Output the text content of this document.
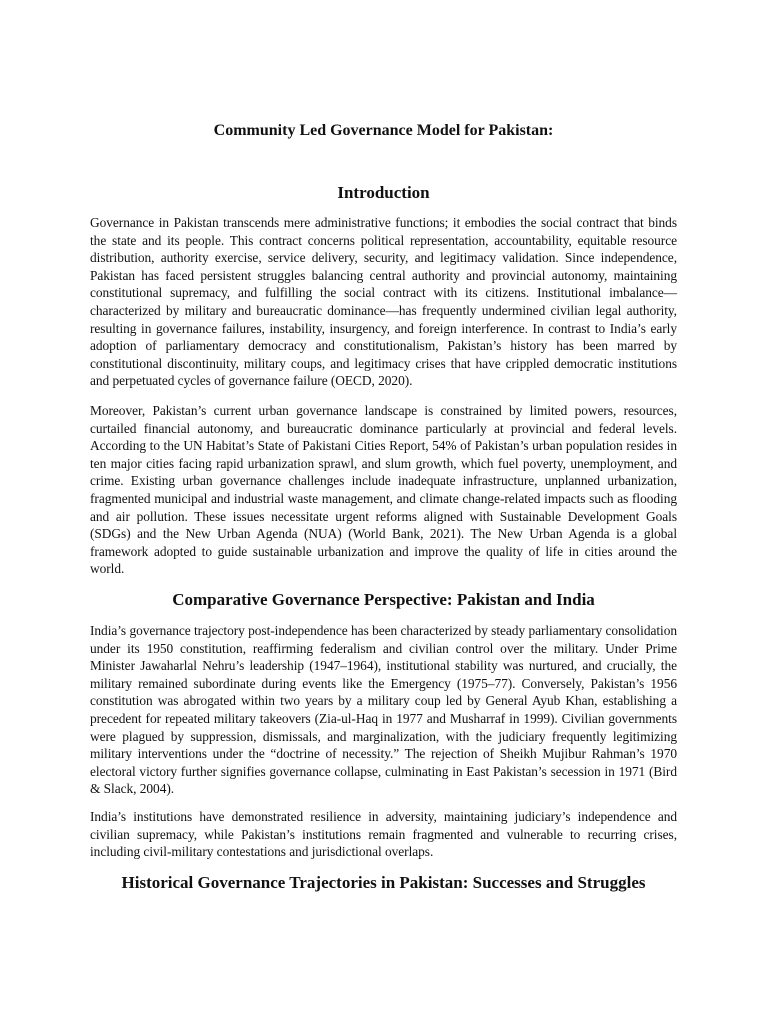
Community Led Governance Model for Pakistan:
Introduction

Governance in Pakistan transcends mere administrative functions; it embodies the social contract that binds the state and its people. This contract concerns political representation, accountability, equitable resource distribution, authority exercise, service delivery, security, and legitimacy validation. Since independence, Pakistan has faced persistent struggles balancing central authority and provincial autonomy, maintaining constitutional supremacy, and fulfilling the social contract with its citizens. Institutional imbalance—characterized by military and bureaucratic dominance—has frequently undermined civilian legal authority, resulting in governance failures, instability, insurgency, and foreign interference. In contrast to India’s early adoption of parliamentary democracy and constitutionalism, Pakistan’s history has been marred by constitutional discontinuity, military coups, and legitimacy crises that have crippled democratic institutions and perpetuated cycles of governance failure (OECD, 2020).

Moreover, Pakistan’s current urban governance landscape is constrained by limited powers, resources, curtailed financial autonomy, and bureaucratic dominance particularly at provincial and federal levels. According to the UN Habitat’s State of Pakistani Cities Report, 54% of Pakistan’s urban population resides in ten major cities facing rapid urbanization sprawl, and slum growth, which fuel poverty, unemployment, and crime. Existing urban governance challenges include inadequate infrastructure, unplanned urbanization, fragmented municipal and industrial waste management, and climate change-related impacts such as flooding and air pollution. These issues necessitate urgent reforms aligned with Sustainable Development Goals (SDGs) and the New Urban Agenda (NUA) (World Bank, 2021). The New Urban Agenda is a global framework adopted to guide sustainable urbanization and improve the quality of life in cities around the world.

Comparative Governance Perspective: Pakistan and India

India’s governance trajectory post-independence has been characterized by steady parliamentary consolidation under its 1950 constitution, reaffirming federalism and civilian control over the military. Under Prime Minister Jawaharlal Nehru’s leadership (1947–1964), institutional stability was nurtured, and crucially, the military remained subordinate during events like the Emergency (1975–77). Conversely, Pakistan’s 1956 constitution was abrogated within two years by a military coup led by General Ayub Khan, establishing a precedent for repeated military takeovers (Zia-ul-Haq in 1977 and Musharraf in 1999). Civilian governments were plagued by suppression, dismissals, and marginalization, with the judiciary frequently legitimizing military interventions under the “doctrine of necessity.” The rejection of Sheikh Mujibur Rahman’s 1970 electoral victory further signifies governance collapse, culminating in East Pakistan’s secession in 1971 (Bird & Slack, 2004).

India’s institutions have demonstrated resilience in adversity, maintaining judiciary’s independence and civilian supremacy, while Pakistan’s institutions remain fragmented and vulnerable to recurring crises, including civil-military contestations and jurisdictional overlaps.

Historical Governance Trajectories in Pakistan: Successes and Struggles
